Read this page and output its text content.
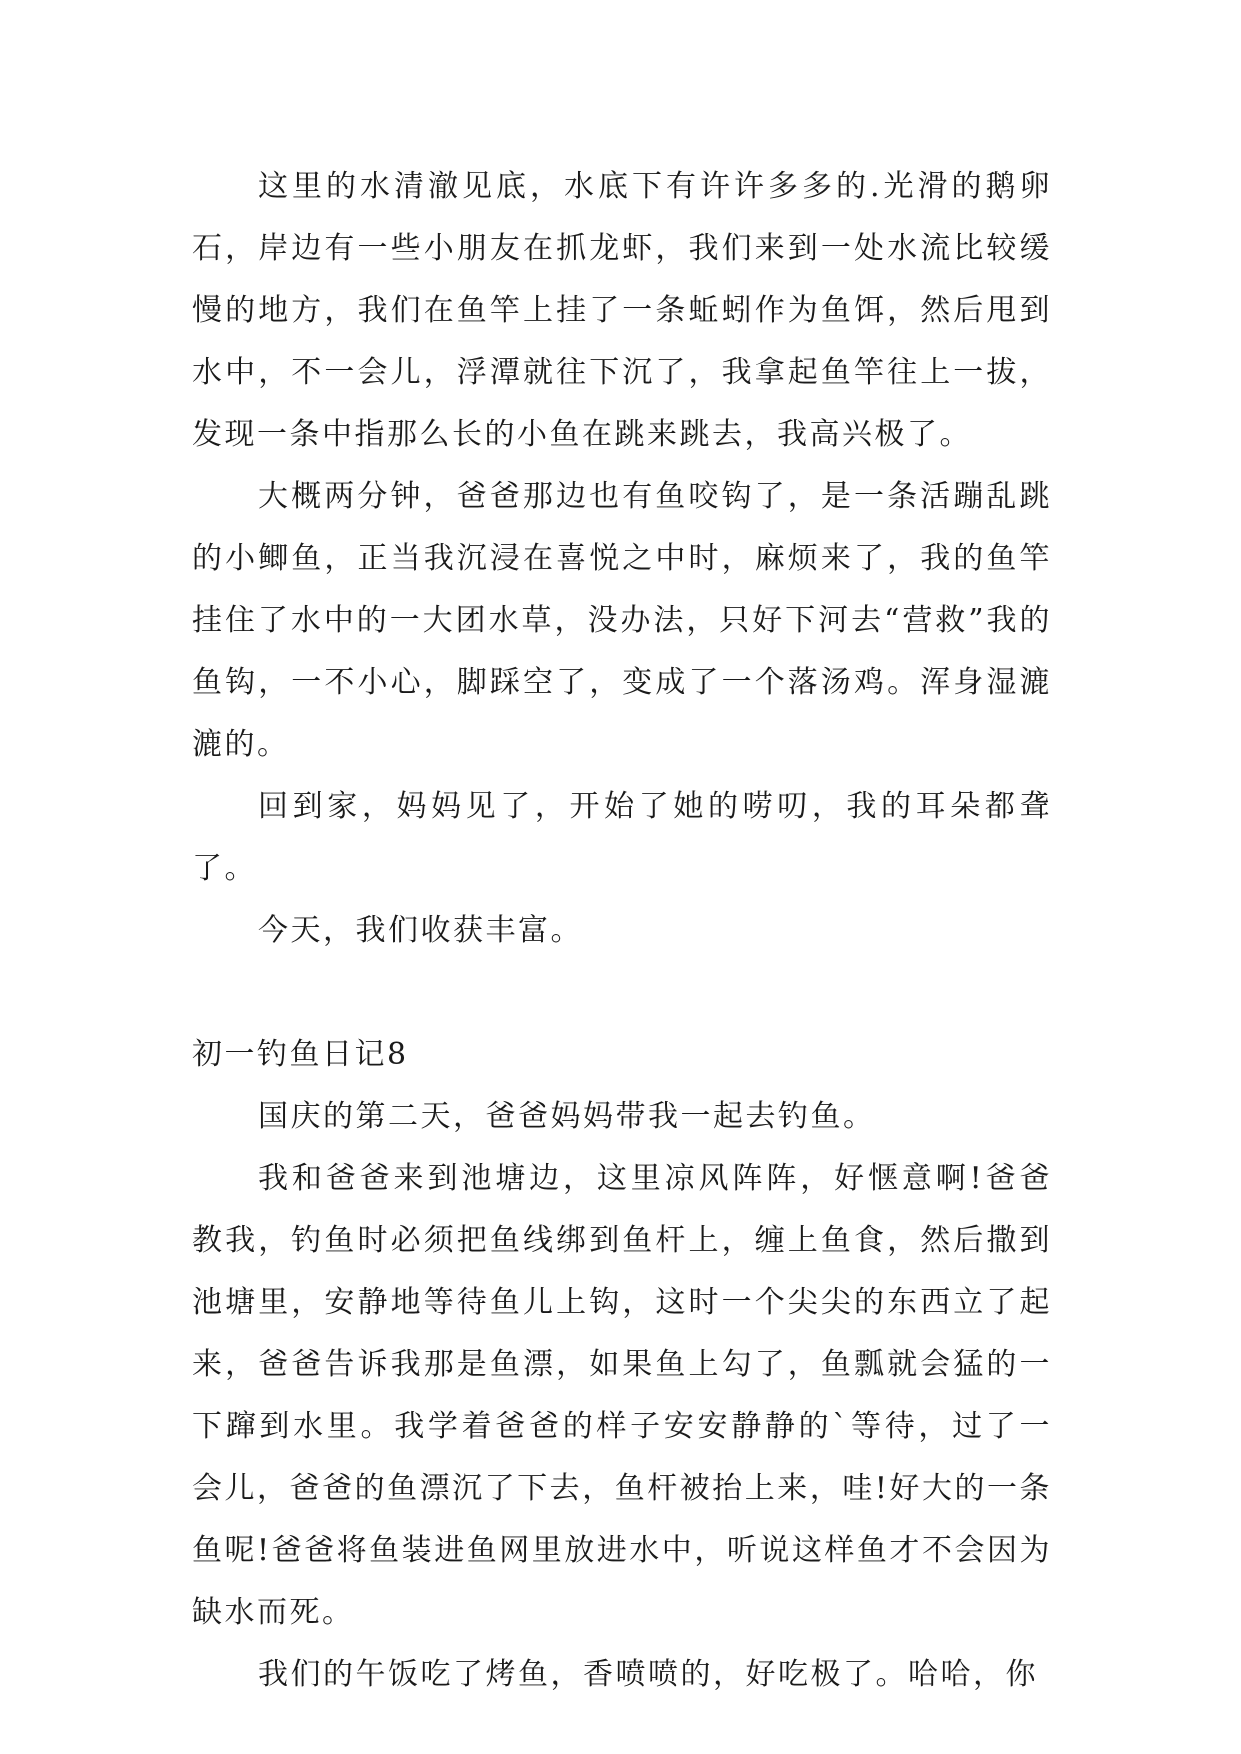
这里的水清澈见底，水底下有许许多多的.光滑的鹅卵石，岸边有一些小朋友在抓龙虾，我们来到一处水流比较缓慢的地方，我们在鱼竿上挂了一条蚯蚓作为鱼饵，然后甩到水中，不一会儿，浮潭就往下沉了，我拿起鱼竿往上一拔，发现一条中指那么长的小鱼在跳来跳去，我高兴极了。

大概两分钟，爸爸那边也有鱼咬钩了，是一条活蹦乱跳的小鲫鱼，正当我沉浸在喜悦之中时，麻烦来了，我的鱼竿挂住了水中的一大团水草，没办法，只好下河去“营救”我的鱼钩，一不小心，脚踩空了，变成了一个落汤鸡。浑身湿漉漉的。

回到家，妈妈见了，开始了她的唠叨，我的耳朵都聋了。

今天，我们收获丰富。

初一钓鱼日记8

国庆的第二天，爸爸妈妈带我一起去钓鱼。

我和爸爸来到池塘边，这里凉风阵阵，好惬意啊!爸爸教我，钓鱼时必须把鱼线绑到鱼杆上，缠上鱼食，然后撒到池塘里，安静地等待鱼儿上钩，这时一个尖尖的东西立了起来，爸爸告诉我那是鱼漂，如果鱼上勾了，鱼瓢就会猛的一下蹿到水里。我学着爸爸的样子安安静静的`等待，过了一会儿，爸爸的鱼漂沉了下去，鱼杆被抬上来，哇!好大的一条鱼呢!爸爸将鱼装进鱼网里放进水中，听说这样鱼才不会因为缺水而死。

我们的午饭吃了烤鱼，香喷喷的，好吃极了。哈哈，你
